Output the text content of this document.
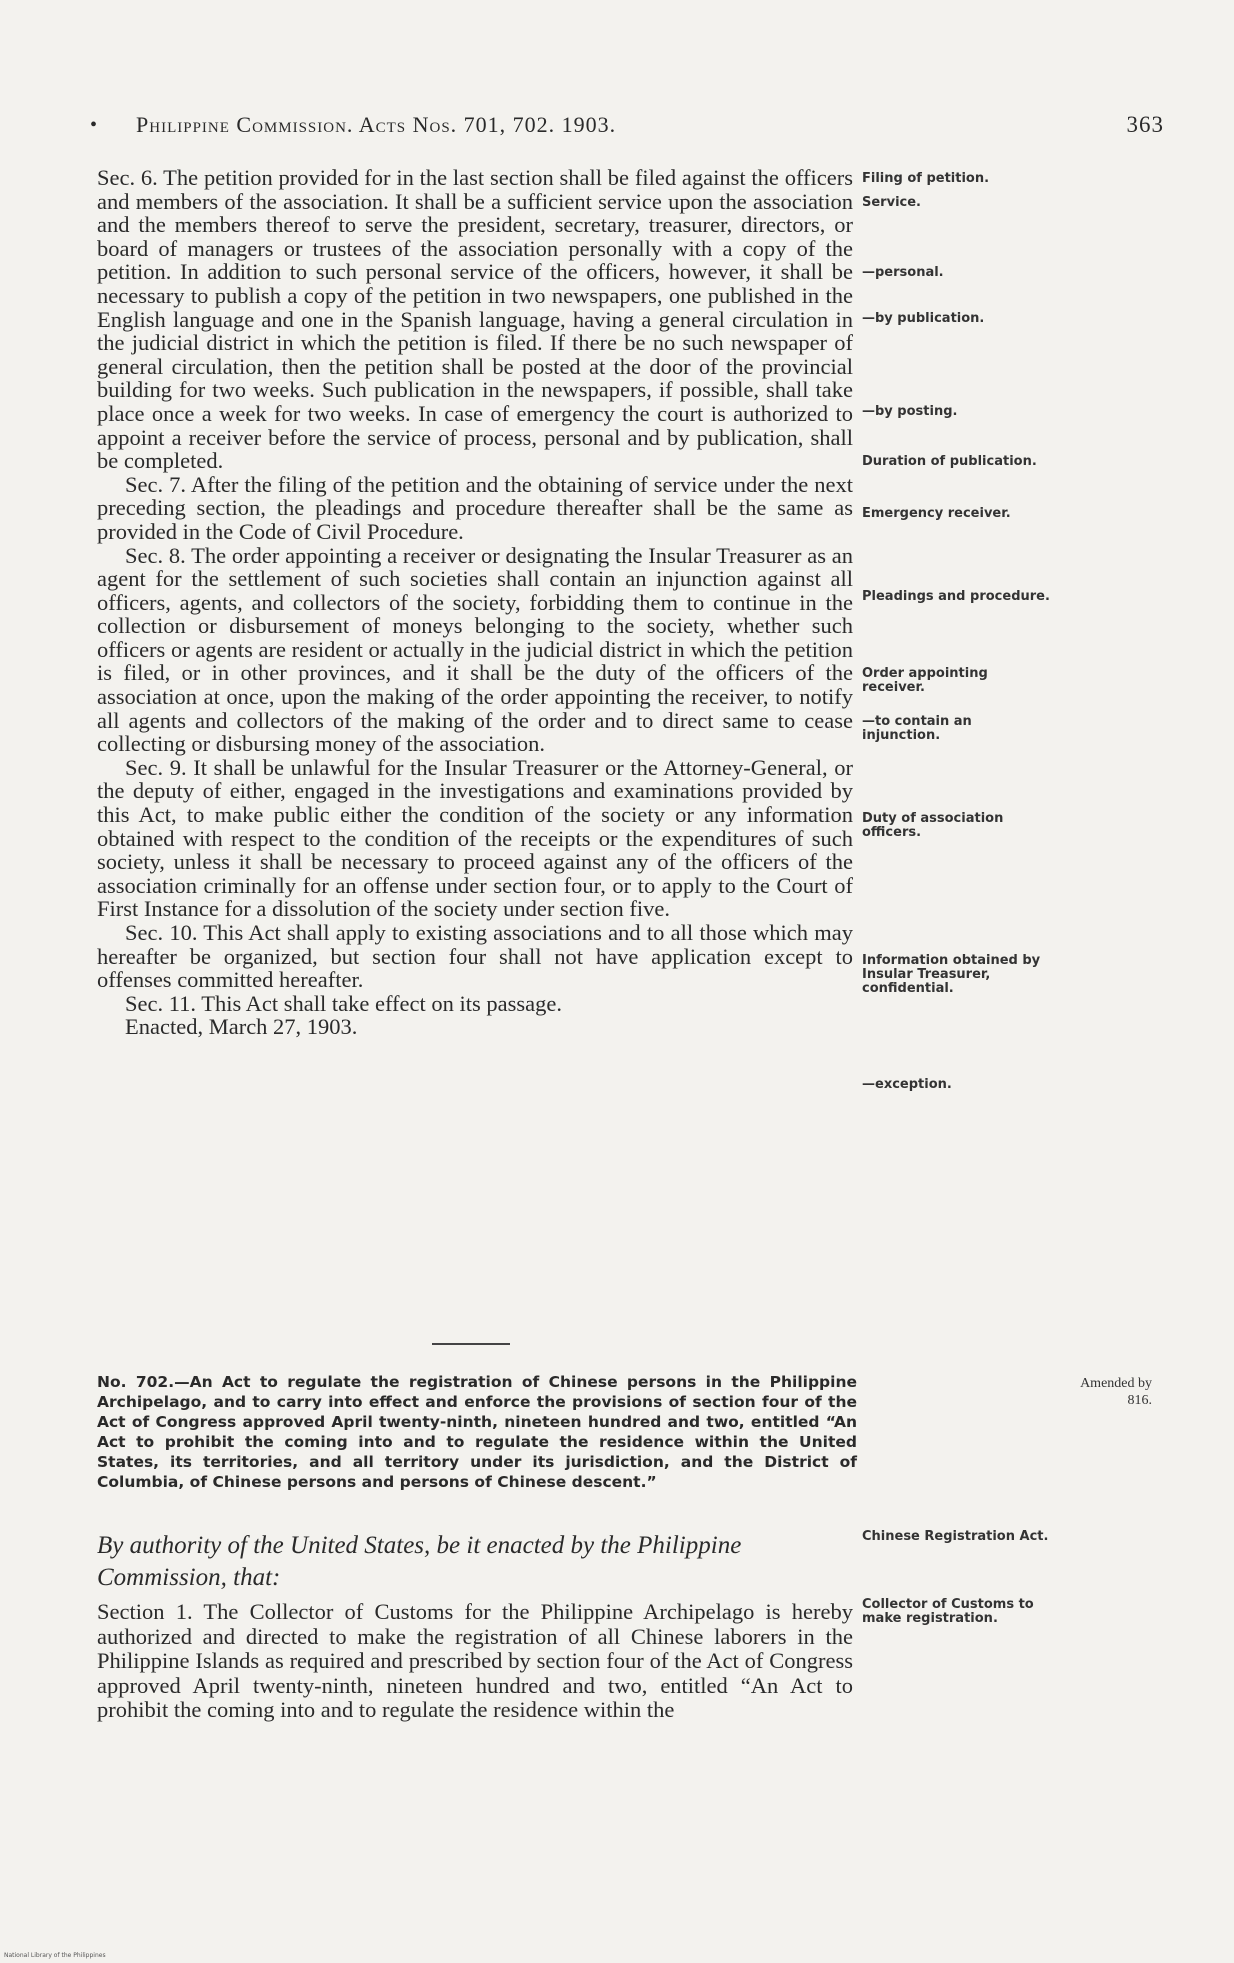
• Philippine Commission. Acts Nos. 701, 702. 1903.	363

Sec. 6. The petition provided for in the last section shall be filed against the officers and members of the association. It shall be a sufficient service upon the association and the members thereof to serve the president, secretary, treasurer, directors, or board of managers or trustees of the association personally with a copy of the petition. In addition to such personal service of the officers, however, it shall be necessary to publish a copy of the petition in two newspapers, one published in the English language and one in the Spanish language, having a general circulation in the judicial district in which the petition is filed. If there be no such newspaper of general circulation, then the petition shall be posted at the door of the provincial building for two weeks. Such publication in the newspapers, if possible, shall take place once a week for two weeks. In case of emergency the court is authorized to appoint a receiver before the service of process, personal and by publication, shall be completed.

Sec. 7. After the filing of the petition and the obtaining of service under the next preceding section, the pleadings and procedure thereafter shall be the same as provided in the Code of Civil Procedure.

Sec. 8. The order appointing a receiver or designating the Insular Treasurer as an agent for the settlement of such societies shall contain an injunction against all officers, agents, and collectors of the society, forbidding them to continue in the collection or disbursement of moneys belonging to the society, whether such officers or agents are resident or actually in the judicial district in which the petition is filed, or in other provinces, and it shall be the duty of the officers of the association at once, upon the making of the order appointing the receiver, to notify all agents and collectors of the making of the order and to direct same to cease collecting or disbursing money of the association.

Sec. 9. It shall be unlawful for the Insular Treasurer or the Attorney-General, or the deputy of either, engaged in the investigations and examinations provided by this Act, to make public either the condition of the society or any information obtained with respect to the condition of the receipts or the expenditures of such society, unless it shall be necessary to proceed against any of the officers of the association criminally for an offense under section four, or to apply to the Court of First Instance for a dissolution of the society under section five.

Sec. 10. This Act shall apply to existing associations and to all those which may hereafter be organized, but section four shall not have application except to offenses committed hereafter.

Sec. 11. This Act shall take effect on its passage.

Enacted, March 27, 1903.

Filing of petition.
Service.
—personal.
—by publication.
—by posting.
Duration of publication.
Emergency receiver.
Pleadings and procedure.
Order appointing receiver.
—to contain an injunction.
Duty of association officers.
Information obtained by Insular Treasurer, confidential.
—exception.
Chinese Registration Act.
Collector of Customs to make registration.
No. 702.—An Act to regulate the registration of Chinese persons in the Philippine Archipelago, and to carry into effect and enforce the provisions of section four of the Act of Congress approved April twenty-ninth, nineteen hundred and two, entitled “An Act to prohibit the coming into and to regulate the residence within the United States, its territories, and all territory under its jurisdiction, and the District of Columbia, of Chinese persons and persons of Chinese descent.”
Amended by 816.
By authority of the United States, be it enacted by the Philippine Commission, that:
Section 1. The Collector of Customs for the Philippine Archipelago is hereby authorized and directed to make the registration of all Chinese laborers in the Philippine Islands as required and prescribed by section four of the Act of Congress approved April twenty-ninth, nineteen hundred and two, entitled “An Act to prohibit the coming into and to regulate the residence within the
National Library of the Philippines
